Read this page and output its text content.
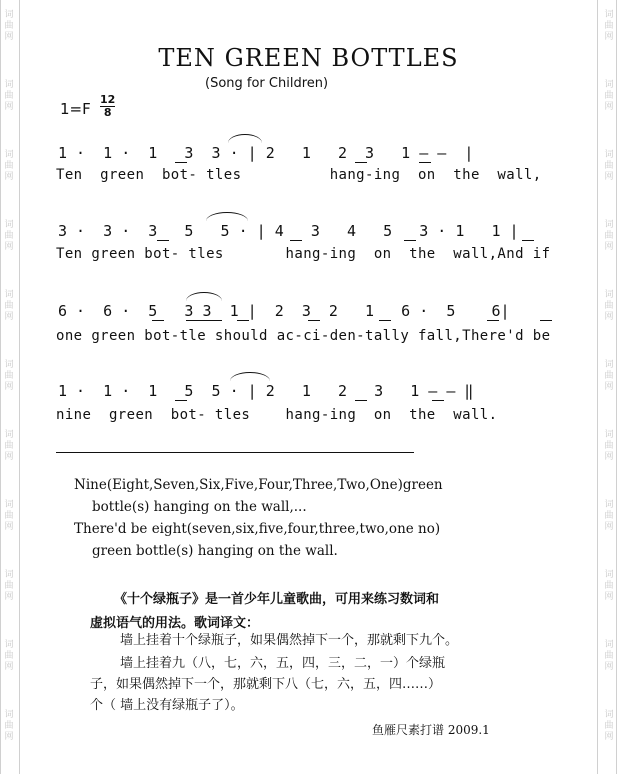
词曲网
词曲网
词曲网
词曲网
词曲网
词曲网
词曲网
词曲网
词曲网
词曲网
词曲网
词曲网
词曲网
词曲网
词曲网
词曲网
词曲网
词曲网
词曲网
词曲网
词曲网
词曲网
TEN GREEN BOTTLES
(Song for Children)
1=F
12
8
1 ·  1 ·  1   3  3 · | 2   1   2  3   1 – –  |
Ten  green  bot- tles          hang-ing  on  the  wall,
3 ·  3 ·  3   5   5 · | 4   3   4   5   3 · 1   1 |
Ten green bot- tles       hang-ing  on  the  wall,And if
6 ·  6 ·  5   3 3  1 |  2  3  2   1   6 ·  5    6|
one green bot-tle should ac-ci-den-tally fall,There'd be
1 ·  1 ·  1   5  5 · | 2   1   2   3   1 – – ‖
nine  green  bot- tles    hang-ing  on  the  wall.
Nine(Eight,Seven,Six,Five,Four,Three,Two,One)green
bottle(s) hanging on the wall,...
There'd be eight(seven,six,five,four,three,two,one no)
green bottle(s) hanging on the wall.
《十个绿瓶子》是一首少年儿童歌曲，可用来练习数词和
虚拟语气的用法。歌词译文：
墙上挂着十个绿瓶子，如果偶然掉下一个，那就剩下九个。
墙上挂着九（八，七，六，五，四，三，二，一）个绿瓶
子，如果偶然掉下一个，那就剩下八（七，六，五，四……）
个（ 墙上没有绿瓶子了）。
鱼雁尺素打谱 2009.1
